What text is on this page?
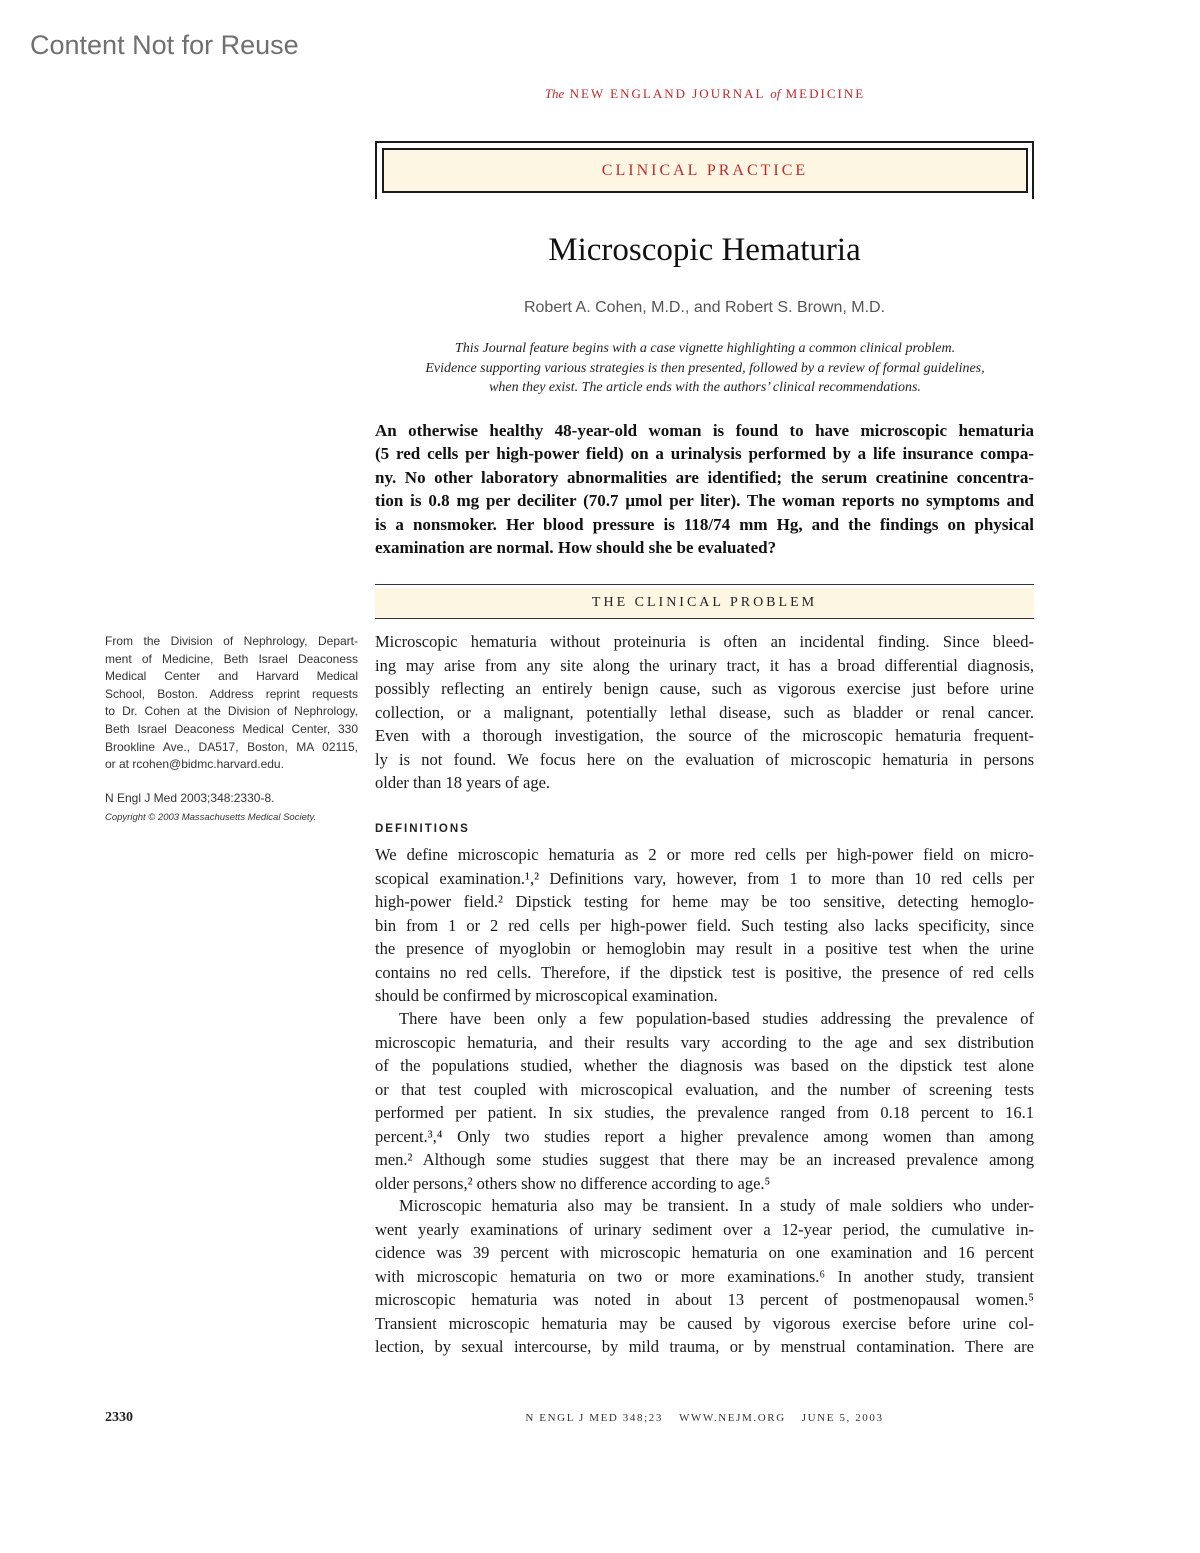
Content Not for Reuse
The NEW ENGLAND JOURNAL of MEDICINE
CLINICAL PRACTICE
Microscopic Hematuria
Robert A. Cohen, M.D., and Robert S. Brown, M.D.
This Journal feature begins with a case vignette highlighting a common clinical problem.
Evidence supporting various strategies is then presented, followed by a review of formal guidelines,
when they exist. The article ends with the authors’ clinical recommendations.
An otherwise healthy 48-year-old woman is found to have microscopic hematuria
(5 red cells per high-power field) on a urinalysis performed by a life insurance compa-
ny. No other laboratory abnormalities are identified; the serum creatinine concentra-
tion is 0.8 mg per deciliter (70.7 μmol per liter). The woman reports no symptoms and
is a nonsmoker. Her blood pressure is 118/74 mm Hg, and the findings on physical
examination are normal. How should she be evaluated?
THE CLINICAL PROBLEM
From the Division of Nephrology, Depart-
ment of Medicine, Beth Israel Deaconess
Medical Center and Harvard Medical
School, Boston. Address reprint requests
to Dr. Cohen at the Division of Nephrology,
Beth Israel Deaconess Medical Center, 330
Brookline Ave., DA517, Boston, MA 02115,
or at rcohen@bidmc.harvard.edu.
N Engl J Med 2003;348:2330-8.
Copyright © 2003 Massachusetts Medical Society.
Microscopic hematuria without proteinuria is often an incidental finding. Since bleed-
ing may arise from any site along the urinary tract, it has a broad differential diagnosis,
possibly reflecting an entirely benign cause, such as vigorous exercise just before urine
collection, or a malignant, potentially lethal disease, such as bladder or renal cancer.
Even with a thorough investigation, the source of the microscopic hematuria frequent-
ly is not found. We focus here on the evaluation of microscopic hematuria in persons
older than 18 years of age.
DEFINITIONS
We define microscopic hematuria as 2 or more red cells per high-power field on micro-
scopical examination.¹,² Definitions vary, however, from 1 to more than 10 red cells per
high-power field.² Dipstick testing for heme may be too sensitive, detecting hemoglo-
bin from 1 or 2 red cells per high-power field. Such testing also lacks specificity, since
the presence of myoglobin or hemoglobin may result in a positive test when the urine
contains no red cells. Therefore, if the dipstick test is positive, the presence of red cells
should be confirmed by microscopical examination.
There have been only a few population-based studies addressing the prevalence of
microscopic hematuria, and their results vary according to the age and sex distribution
of the populations studied, whether the diagnosis was based on the dipstick test alone
or that test coupled with microscopical evaluation, and the number of screening tests
performed per patient. In six studies, the prevalence ranged from 0.18 percent to 16.1
percent.³,⁴ Only two studies report a higher prevalence among women than among
men.² Although some studies suggest that there may be an increased prevalence among
older persons,² others show no difference according to age.⁵
Microscopic hematuria also may be transient. In a study of male soldiers who under-
went yearly examinations of urinary sediment over a 12-year period, the cumulative in-
cidence was 39 percent with microscopic hematuria on one examination and 16 percent
with microscopic hematuria on two or more examinations.⁶ In another study, transient
microscopic hematuria was noted in about 13 percent of postmenopausal women.⁵
Transient microscopic hematuria may be caused by vigorous exercise before urine col-
lection, by sexual intercourse, by mild trauma, or by menstrual contamination. There are
2330	N ENGL J MED 348;23 WWW.NEJM.ORG JUNE 5, 2003
